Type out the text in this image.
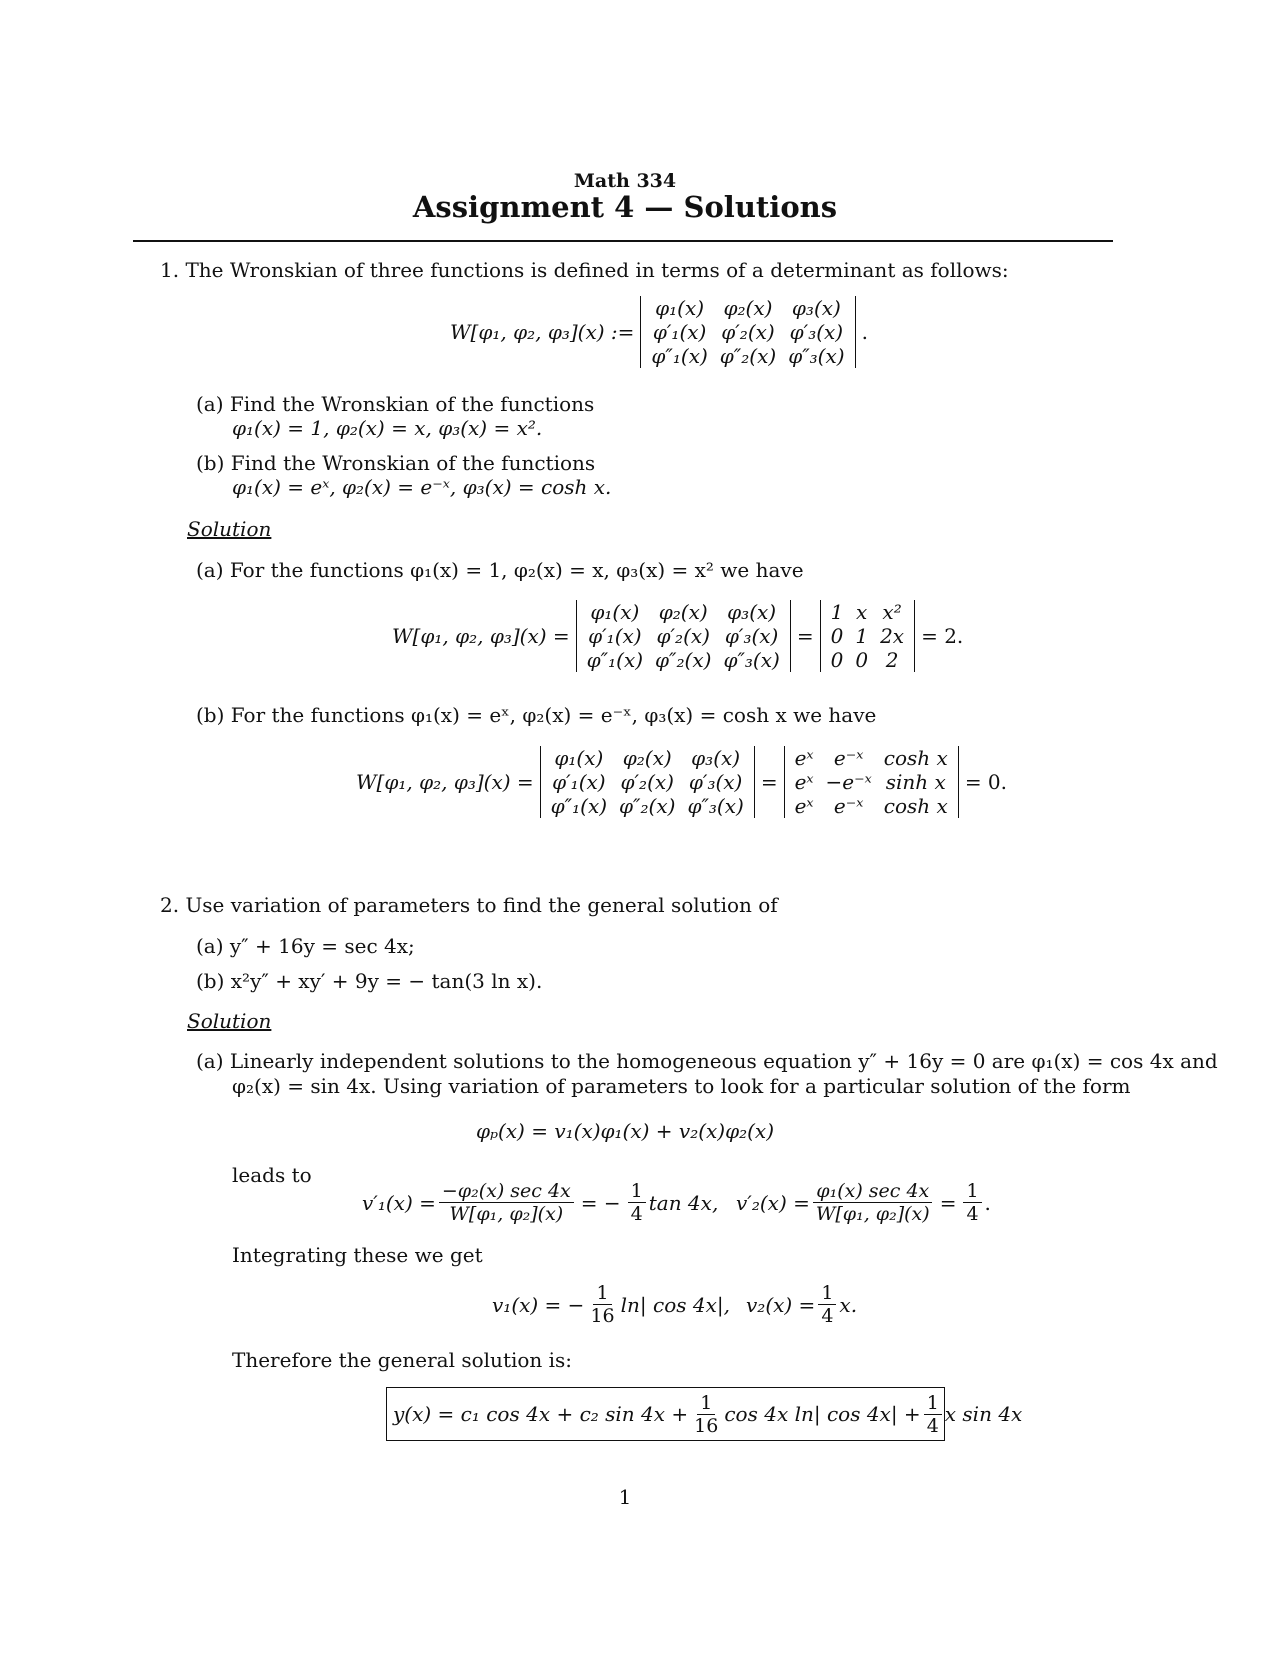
Math 334
Assignment 4 — Solutions
1. The Wronskian of three functions is defined in terms of a determinant as follows:
W[φ₁, φ₂, φ₃](x) :=
φ₁(x)	φ₂(x)	φ₃(x)
φ′₁(x)	φ′₂(x)	φ′₃(x)
φ″₁(x)	φ″₂(x)	φ″₃(x)
.
(a) Find the Wronskian of the functions
φ₁(x) = 1, φ₂(x) = x, φ₃(x) = x².
(b) Find the Wronskian of the functions
φ₁(x) = eˣ, φ₂(x) = e⁻ˣ, φ₃(x) = cosh x.
Solution
(a) For the functions φ₁(x) = 1, φ₂(x) = x, φ₃(x) = x² we have
W[φ₁, φ₂, φ₃](x) =
φ₁(x)	φ₂(x)	φ₃(x)
φ′₁(x)	φ′₂(x)	φ′₃(x)
φ″₁(x)	φ″₂(x)	φ″₃(x)
=
1	x	x²
0	1	2x
0	0	2
= 2.
(b) For the functions φ₁(x) = eˣ, φ₂(x) = e⁻ˣ, φ₃(x) = cosh x we have
W[φ₁, φ₂, φ₃](x) =
φ₁(x)	φ₂(x)	φ₃(x)
φ′₁(x)	φ′₂(x)	φ′₃(x)
φ″₁(x)	φ″₂(x)	φ″₃(x)
=
eˣ	e⁻ˣ	cosh x
eˣ	−e⁻ˣ	sinh x
eˣ	e⁻ˣ	cosh x
= 0.
2. Use variation of parameters to find the general solution of
(a) y″ + 16y = sec 4x;
(b) x²y″ + xy′ + 9y = − tan(3 ln x).
Solution
(a) Linearly independent solutions to the homogeneous equation y″ + 16y = 0 are φ₁(x) = cos 4x and
φ₂(x) = sin 4x. Using variation of parameters to look for a particular solution of the form
φₚ(x) = v₁(x)φ₁(x) + v₂(x)φ₂(x)
leads to
$v'_1(x) = \frac{\text{−φ₂(x) sec 4x}}{\text{W[φ₁, φ₂](x)}}$ = − $\frac{1}{4}$ tan 4x, $v'_2(x) = \frac{\text{φ₁(x) sec 4x}}{\text{W[φ₁, φ₂](x)}} = \frac{1}{4}$ .
Integrating these we get
v₁(x) = − $\frac{1}{16} \ln|$ cos 4x|, $v_2(x) = \frac{1}{4} x$.
Therefore the general solution is:
y(x) = c₁ cos 4x + c₂ $\sin 4x + \frac{1}{16}$ cos 4x ln| $\cos 4x| + \frac{1}{4}$ x sin 4x
1
